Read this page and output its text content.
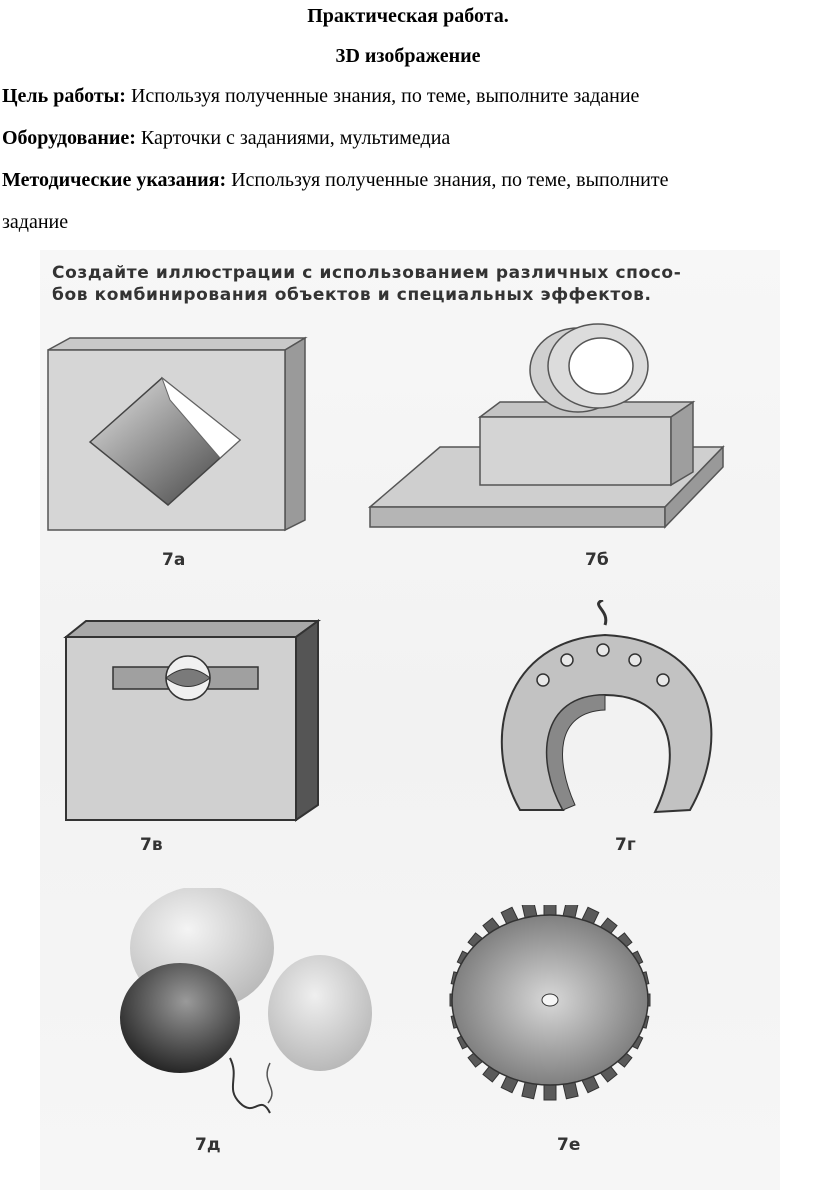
Практическая работа.
3D изображение
Цель работы: Используя полученные знания, по теме, выполните задание
Оборудование: Карточки с заданиями, мультимедиа
Методические указания: Используя полученные знания, по теме, выполните
задание
Создайте иллюстрации с использованием различных спосо-
бов комбинирования объектов и специальных эффектов.
7а	7б
7в	7г
7д	7е
